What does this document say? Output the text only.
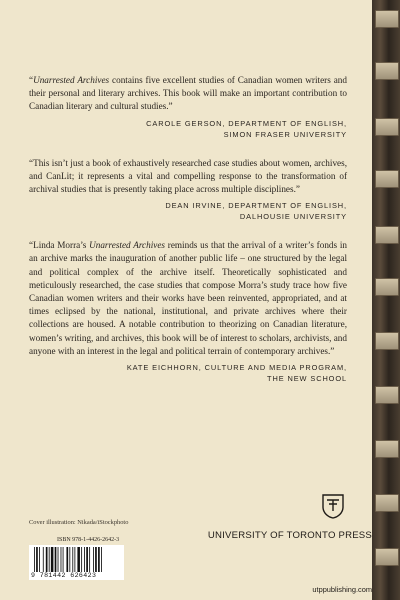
“Unarrested Archives contains five excellent studies of Canadian women writers and their personal and literary archives. This book will make an important contribution to Canadian literary and cultural studies.”

CAROLE GERSON, DEPARTMENT OF ENGLISH,
SIMON FRASER UNIVERSITY

“This isn’t just a book of exhaustively researched case studies about women, archives, and CanLit; it represents a vital and compelling response to the transformation of archival studies that is presently taking place across multiple disciplines.”

DEAN IRVINE, DEPARTMENT OF ENGLISH,
DALHOUSIE UNIVERSITY

“Linda Morra’s Unarrested Archives reminds us that the arrival of a writer’s fonds in an archive marks the inauguration of another public life – one structured by the legal and political complex of the archive itself. Theoretically sophisticated and meticulously researched, the case studies that compose Morra’s study trace how five Canadian women writers and their works have been reinvented, appropriated, and at times eclipsed by the national, institutional, and private archives where their collections are housed. A notable contribution to theorizing on Canadian literature, women’s writing, and archives, this book will be of interest to scholars, archivists, and anyone with an interest in the legal and political terrain of contemporary archives.”

KATE EICHHORN, CULTURE AND MEDIA PROGRAM,
THE NEW SCHOOL
Cover illustration: Nikada/iStockphoto
ISBN 978-1-4426-2642-3
9 781442 626423
UNIVERSITY OF TORONTO PRESS
utppublishing.com
